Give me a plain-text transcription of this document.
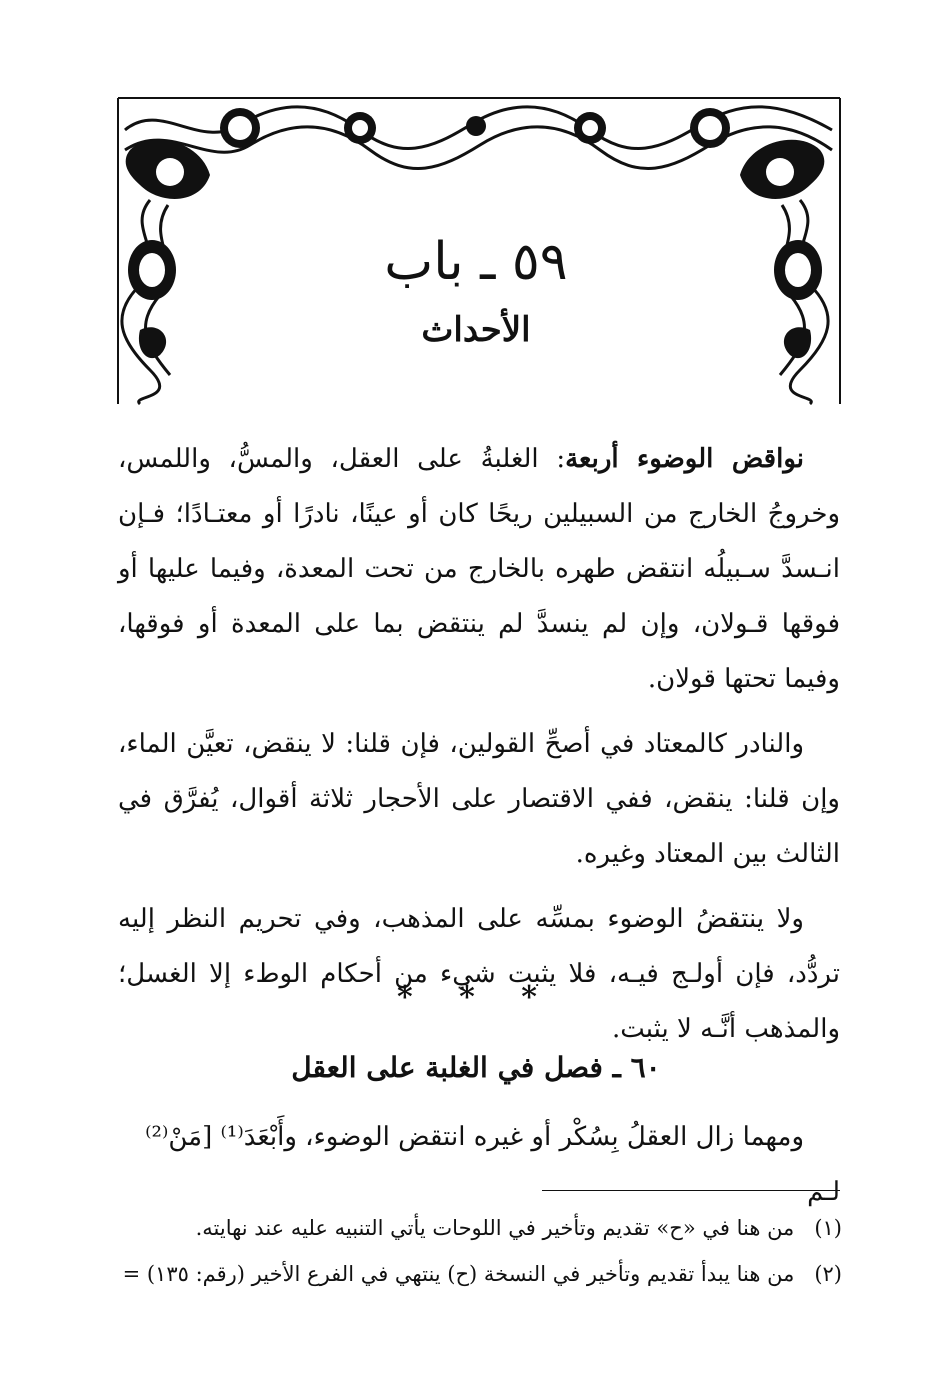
٥٩ ـ باب
الأحداث

نواقض الوضوء أربعة: الغلبةُ على العقل، والمسُّ، واللمس، وخروجُ الخارج من السبيلين ريحًا كان أو عينًا، نادرًا أو معتـادًا؛ فـإن انـسدَّ سـبيلُه انتقض طهره بالخارج من تحت المعدة، وفيما عليها أو فوقها قـولان، وإن لم ينسدَّ لم ينتقض بما على المعدة أو فوقها، وفيما تحتها قولان.

والنادر كالمعتاد في أصحِّ القولين، فإن قلنا: لا ينقض، تعيَّن الماء، وإن قلنا: ينقض، ففي الاقتصار على الأحجار ثلاثة أقوال، يُفرَّق في الثالث بين المعتاد وغيره.

ولا ينتقضُ الوضوء بمسِّه على المذهب، وفي تحريم النظر إليه تردُّد، فإن أولـج فيـه، فلا يثبت شيء من أحكام الوطء إلا الغسل؛ والمذهب أنَّـه لا يثبت.

* * *
٦٠ ـ فصل في الغلبة على العقل

ومهما زال العقلُ بِسُكْر أو غيره انتقض الوضوء، وأَبْعَدَ⁽¹⁾ [مَنْ⁽²⁾ لـم

(١)من هنا في «ح» تقديم وتأخير في اللوحات يأتي التنبيه عليه عند نهايته.
(٢)من هنا يبدأ تقديم وتأخير في النسخة (ح) ينتهي في الفرع الأخير (رقم: ١٣٥) =
